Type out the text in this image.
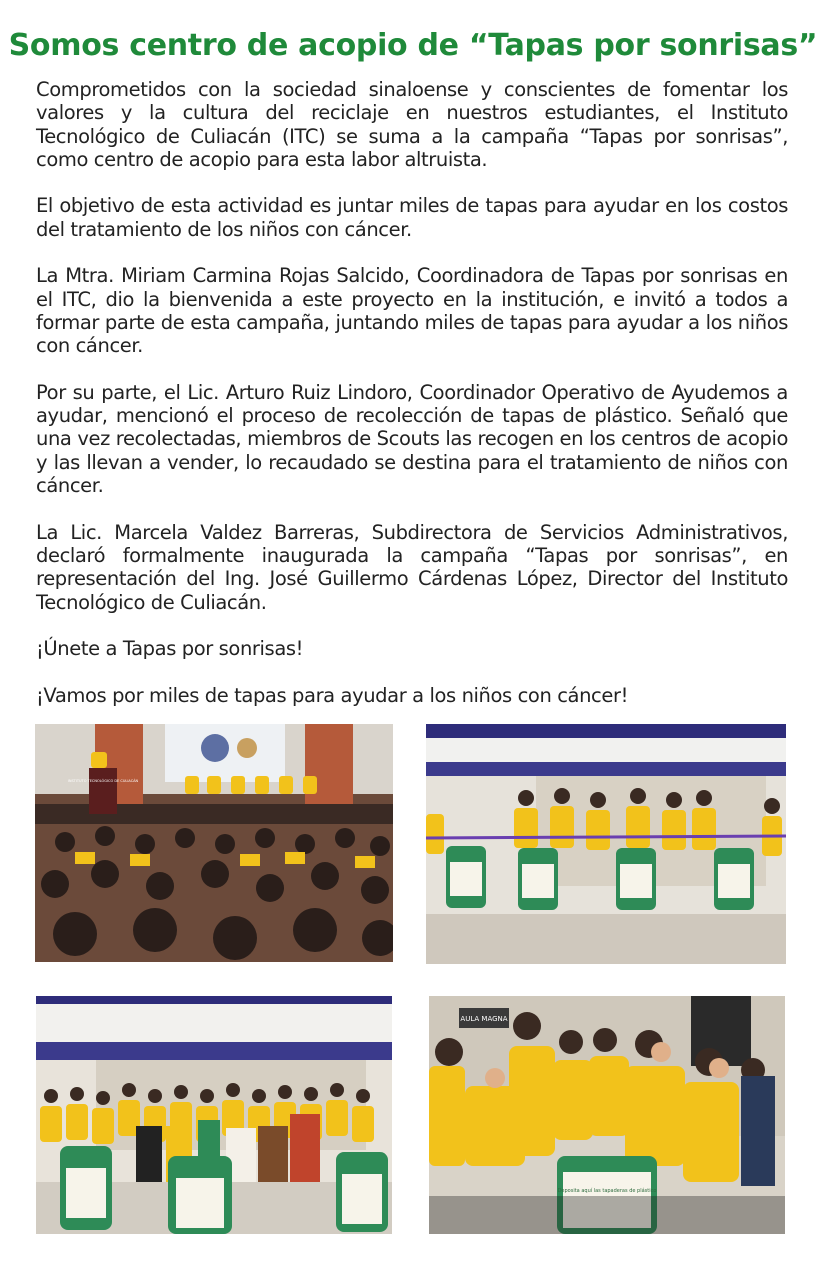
Somos centro de acopio de “Tapas por sonrisas”

Comprometidos con la sociedad sinaloense y conscientes de fomentar los valores y la cultura del reciclaje en nuestros estudiantes, el Instituto Tecnológico de Culiacán (ITC) se suma a la campaña “Tapas por sonrisas”, como centro de acopio para esta labor altruista.

El objetivo de esta actividad es juntar miles de tapas para ayudar en los costos del tratamiento de los niños con cáncer.

La Mtra. Miriam Carmina Rojas Salcido, Coordinadora de Tapas por sonrisas en el ITC, dio la bienvenida a este proyecto en la institución, e invitó a todos a formar parte de esta campaña, juntando miles de tapas para ayudar a los niños con cáncer.

Por su parte, el Lic. Arturo Ruiz Lindoro, Coordinador Operativo de Ayudemos a ayudar, mencionó el proceso de recolección de tapas de plástico. Señaló que una vez recolectadas, miembros de Scouts las recogen en los centros de acopio y las llevan a vender, lo recaudado se destina para el tratamiento de niños con cáncer.

La Lic. Marcela Valdez Barreras, Subdirectora de Servicios Administrativos, declaró formalmente inaugurada la campaña “Tapas por sonrisas”, en representación del Ing. José Guillermo Cárdenas López, Director del Instituto Tecnológico de Culiacán.

¡Únete a Tapas por sonrisas!

¡Vamos por miles de tapas para ayudar a los niños con cáncer!

INSTITUTO TECNOLÓGICO DE CULIACÁN
AULA MAGNA
Deposita aquí las tapaderas de plástico
